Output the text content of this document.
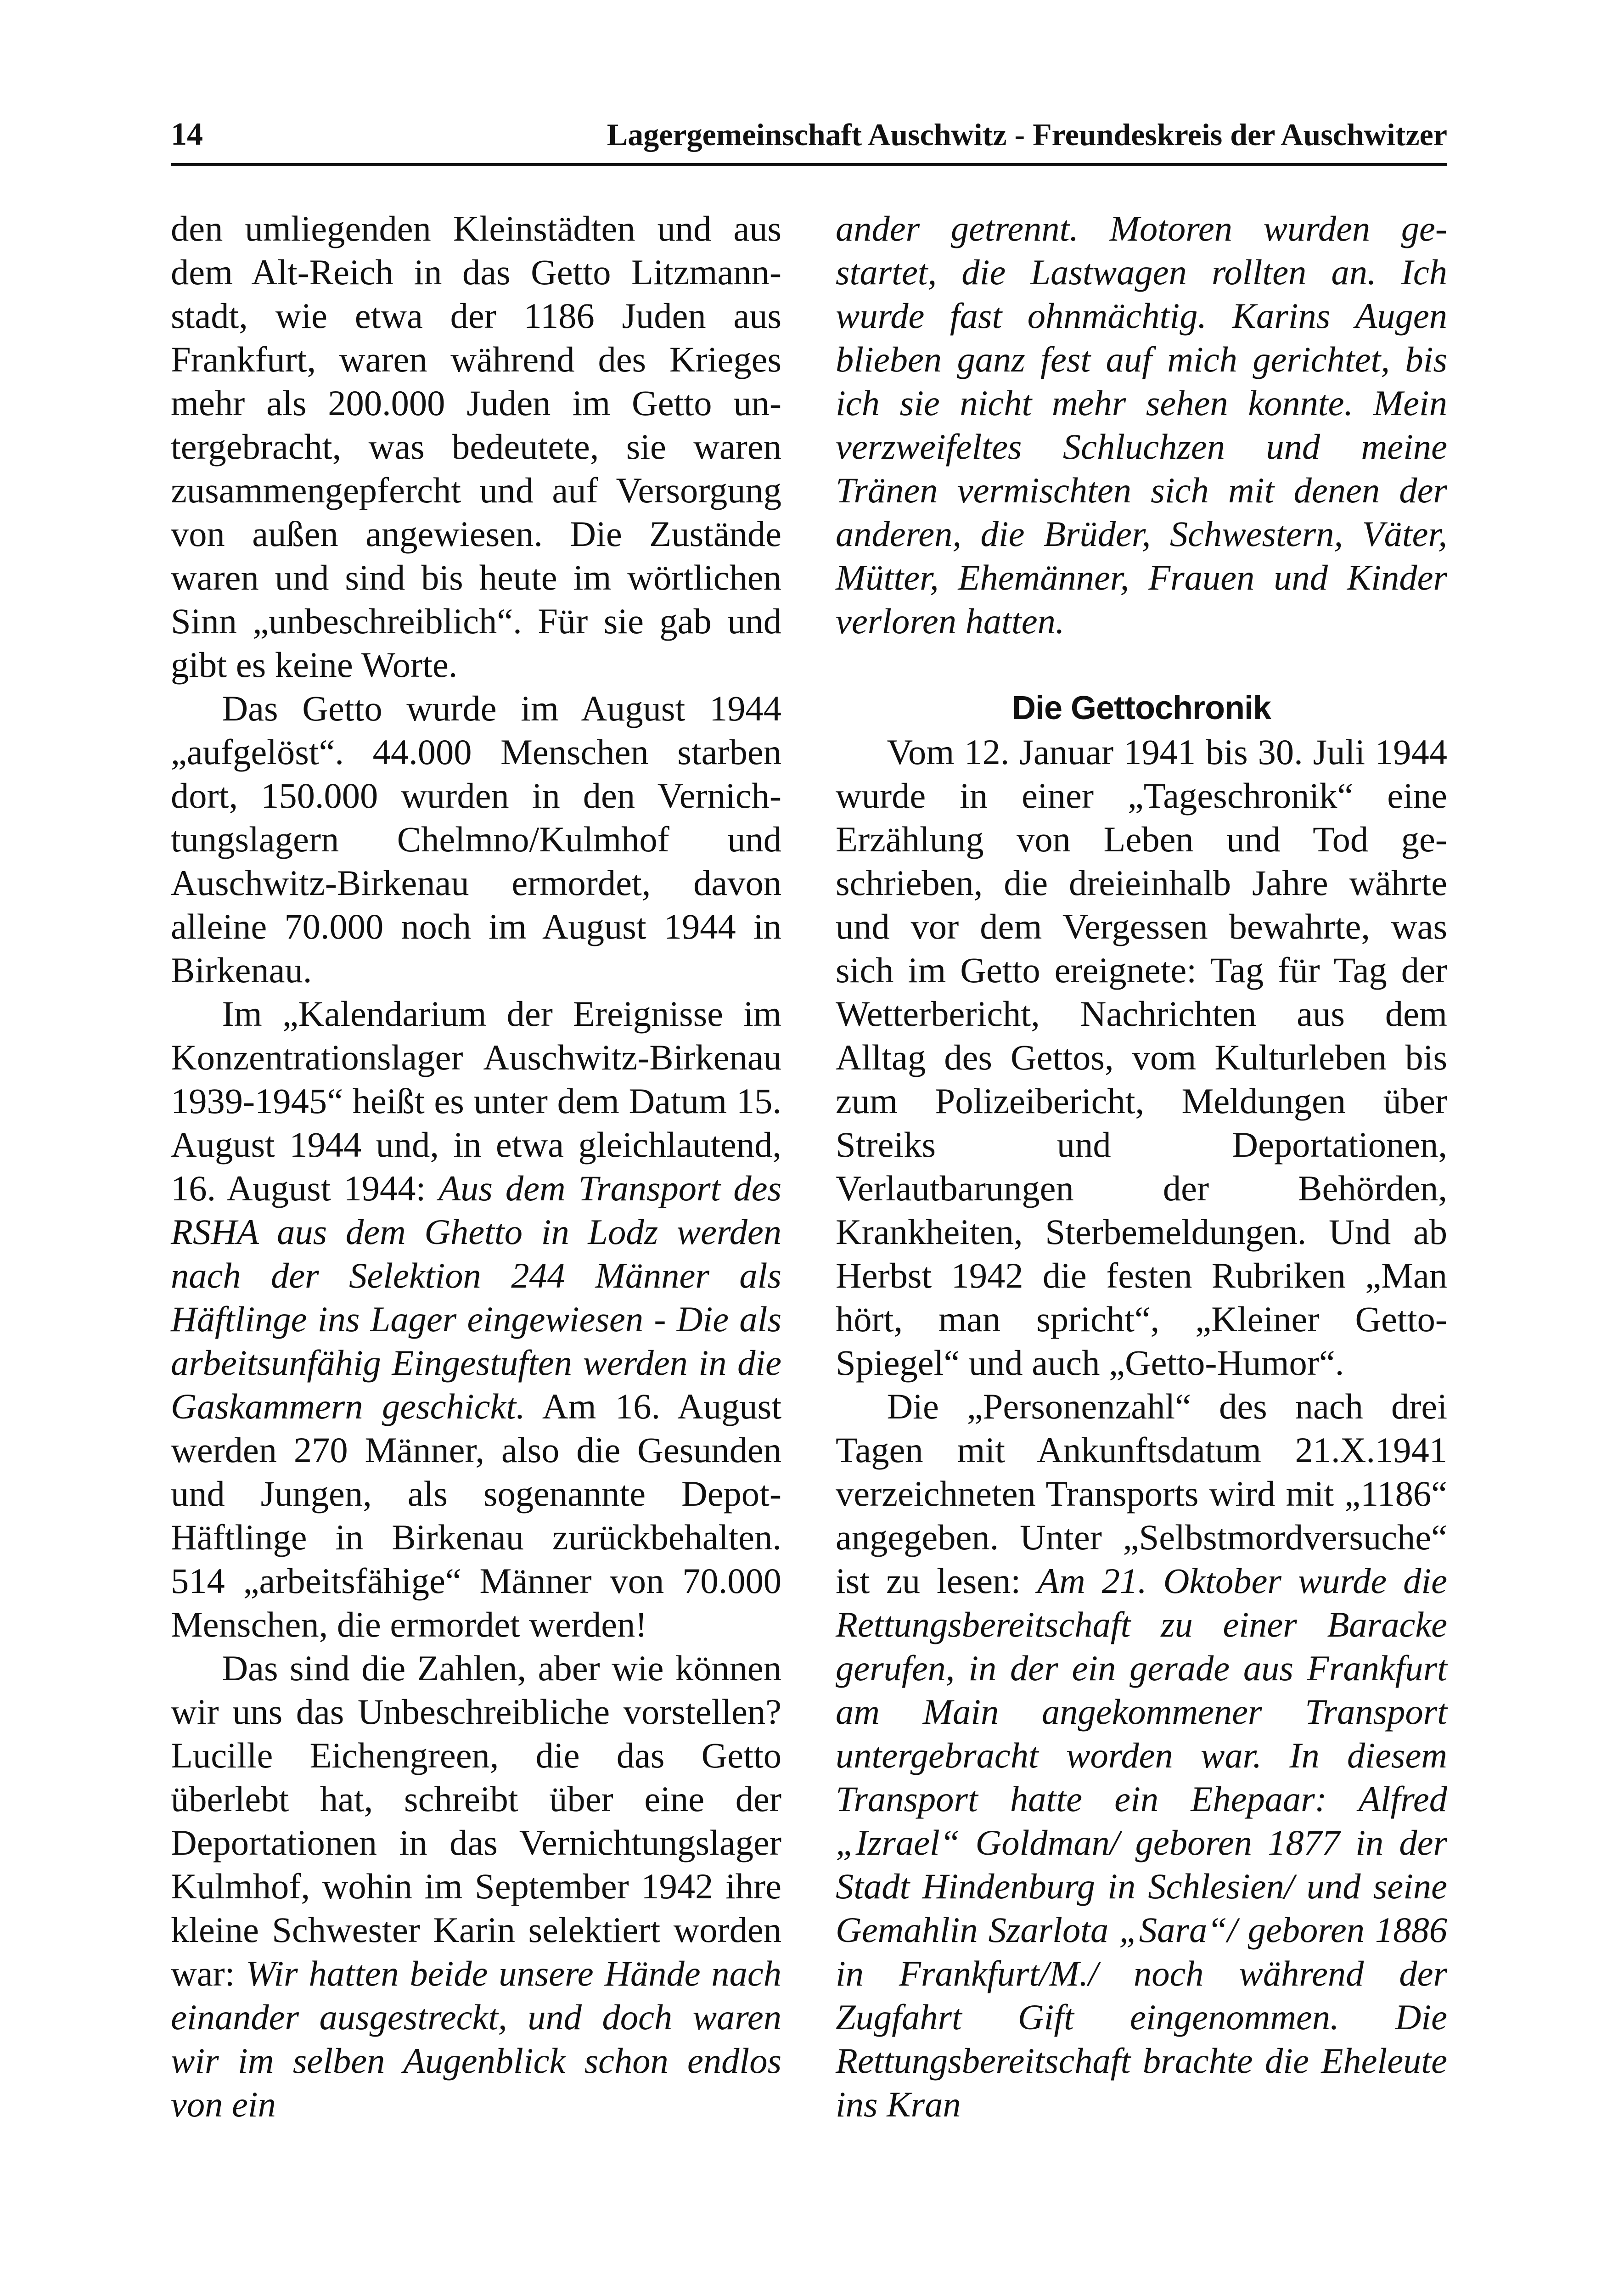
14	Lagergemeinschaft Auschwitz - Freundeskreis der Auschwitzer

den umliegenden Kleinstädten und aus dem Alt-Reich in das Getto Litzmannstadt, wie etwa der 1186 Juden aus Frankfurt, waren während des Krieges mehr als 200.000 Juden im Getto untergebracht, was bedeutete, sie waren zusammengepfercht und auf Versorgung von außen angewiesen. Die Zustände waren und sind bis heute im wörtlichen Sinn „unbeschreiblich“. Für sie gab und gibt es keine Worte.

Das Getto wurde im August 1944 „aufgelöst“. 44.000 Menschen starben dort, 150.000 wurden in den Vernichtungslagern Chelmno/Kulmhof und Auschwitz-Birkenau ermordet, davon alleine 70.000 noch im August 1944 in Birkenau.

Im „Kalendarium der Ereignisse im Konzentrationslager Auschwitz-Birkenau 1939-1945“ heißt es unter dem Datum 15. August 1944 und, in etwa gleichlautend, 16. August 1944: Aus dem Transport des RSHA aus dem Ghetto in Lodz werden nach der Selektion 244 Männer als Häftlinge ins Lager eingewiesen - Die als arbeitsunfähig Eingestuften werden in die Gaskammern geschickt. Am 16. August werden 270 Männer, also die Gesunden und Jungen, als sogenannte Depot-Häftlinge in Birkenau zurückbehalten. 514 „arbeitsfähige“ Männer von 70.000 Menschen, die ermordet werden!

Das sind die Zahlen, aber wie können wir uns das Unbeschreibliche vorstellen? Lucille Eichengreen, die das Getto überlebt hat, schreibt über eine der Deportationen in das Vernichtungslager Kulmhof, wohin im September 1942 ihre kleine Schwester Karin selektiert worden war: Wir hatten beide unsere Hände nach einander ausgestreckt, und doch waren wir im selben Augenblick schon endlos von ein

ander getrennt. Motoren wurden gestartet, die Lastwagen rollten an. Ich wurde fast ohnmächtig. Karins Augen blieben ganz fest auf mich gerichtet, bis ich sie nicht mehr sehen konnte. Mein verzweifeltes Schluchzen und meine Tränen vermischten sich mit denen der anderen, die Brüder, Schwestern, Väter, Mütter, Ehemänner, Frauen und Kinder verloren hatten.

Die Gettochronik

Vom 12. Januar 1941 bis 30. Juli 1944 wurde in einer „Tageschronik“ eine Erzählung von Leben und Tod geschrieben, die dreieinhalb Jahre währte und vor dem Vergessen bewahrte, was sich im Getto ereignete: Tag für Tag der Wetterbericht, Nachrichten aus dem Alltag des Gettos, vom Kulturleben bis zum Polizeibericht, Meldungen über Streiks und Deportationen, Verlautbarungen der Behörden, Krankheiten, Sterbemeldungen. Und ab Herbst 1942 die festen Rubriken „Man hört, man spricht“, „Kleiner Getto-Spiegel“ und auch „Getto-Humor“.

Die „Personenzahl“ des nach drei Tagen mit Ankunftsdatum 21.X.1941 verzeichneten Transports wird mit „1186“ angegeben. Unter „Selbstmordversuche“ ist zu lesen: Am 21. Oktober wurde die Rettungsbereitschaft zu einer Baracke gerufen, in der ein gerade aus Frankfurt am Main angekommener Transport untergebracht worden war. In diesem Transport hatte ein Ehepaar: Alfred „Izrael“ Goldman/ geboren 1877 in der Stadt Hindenburg in Schlesien/ und seine Gemahlin Szarlota „Sara“/ geboren 1886 in Frankfurt/M./ noch während der Zugfahrt Gift eingenommen. Die Rettungsbereitschaft brachte die Eheleute ins Kran
